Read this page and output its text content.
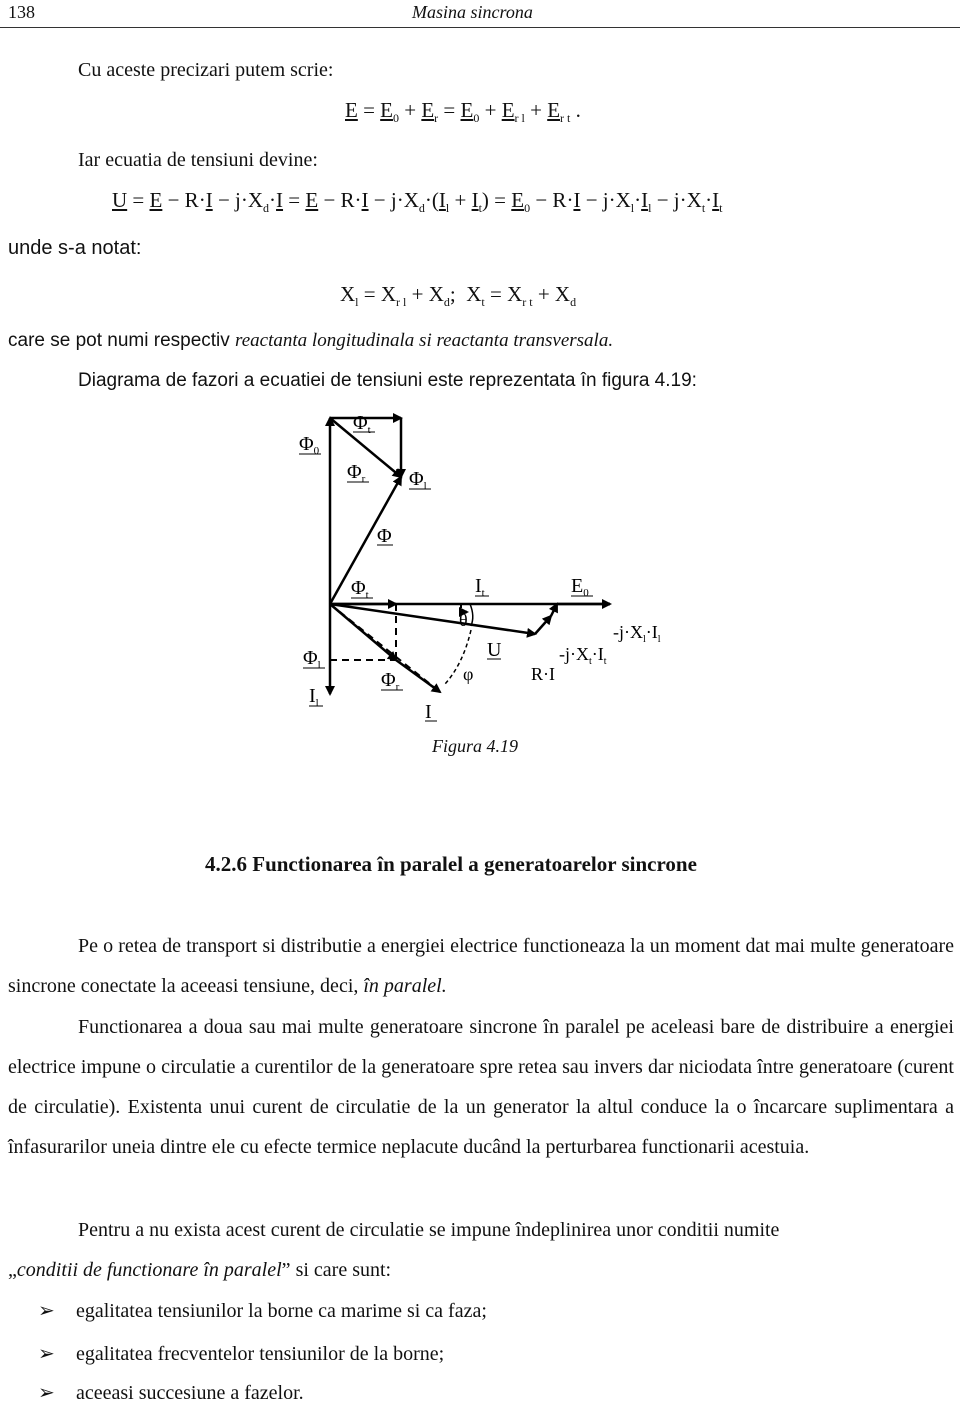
138	Masina sincrona
Cu aceste precizari putem scrie:
$E = E_0 + E_r = E_0 + E_{r l} + E_{r t}$ .
Iar ecuatia de tensiuni devine:
$U = E - R\cdot I - j\cdot X_d\cdot I = E - R\cdot I - j\cdot X_d\cdot(I_l + I_t) = E_0 - R\cdot I - j\cdot X_l\cdot I_l - j\cdot X_t\cdot I_t$
unde s-a notat:
$X_l = X_{r l} + X_d$;  $X_t = X_{r t} + X_d$
care se pot numi respectiv reactanta longitudinala si reactanta transversala.
Diagrama de fazori a ecuatiei de tensiuni este reprezentata în figura 4.19:
$\Phi_t$
$\Phi_0$
$\Phi_r$ $\Phi_l$
Φ
$\Phi_t$	$I_t$	$E_0$
θ
U
$-j\cdot X_l\cdot I_l$
$-j\cdot X_t\cdot I_t$
$\Phi_l$	R·I
φ
$\Phi_r$
$I_l$	I
Figura 4.19
4.2.6 Functionarea în paralel a generatoarelor sincrone
Pe o retea de transport si distributie a energiei electrice functioneaza la un moment dat mai multe generatoare sincrone conectate la aceeasi tensiune, deci, în paralel.
Functionarea a doua sau mai multe generatoare sincrone în paralel pe aceleasi bare de distribuire a energiei electrice impune o circulatie a curentilor de la generatoare spre retea sau invers dar niciodata între generatoare (curent de circulatie). Existenta unui curent de circulatie de la un generator la altul conduce la o încarcare suplimentara a înfasurarilor uneia dintre ele cu efecte termice neplacute ducând la perturbarea functionarii acestuia.
Pentru a nu exista acest curent de circulatie se impune îndeplinirea unor conditii numite
„conditii de functionare în paralel” si care sunt:
➢ egalitatea tensiunilor la borne ca marime si ca faza;
➢ egalitatea frecventelor tensiunilor de la borne;
➢ aceeasi succesiune a fazelor.
